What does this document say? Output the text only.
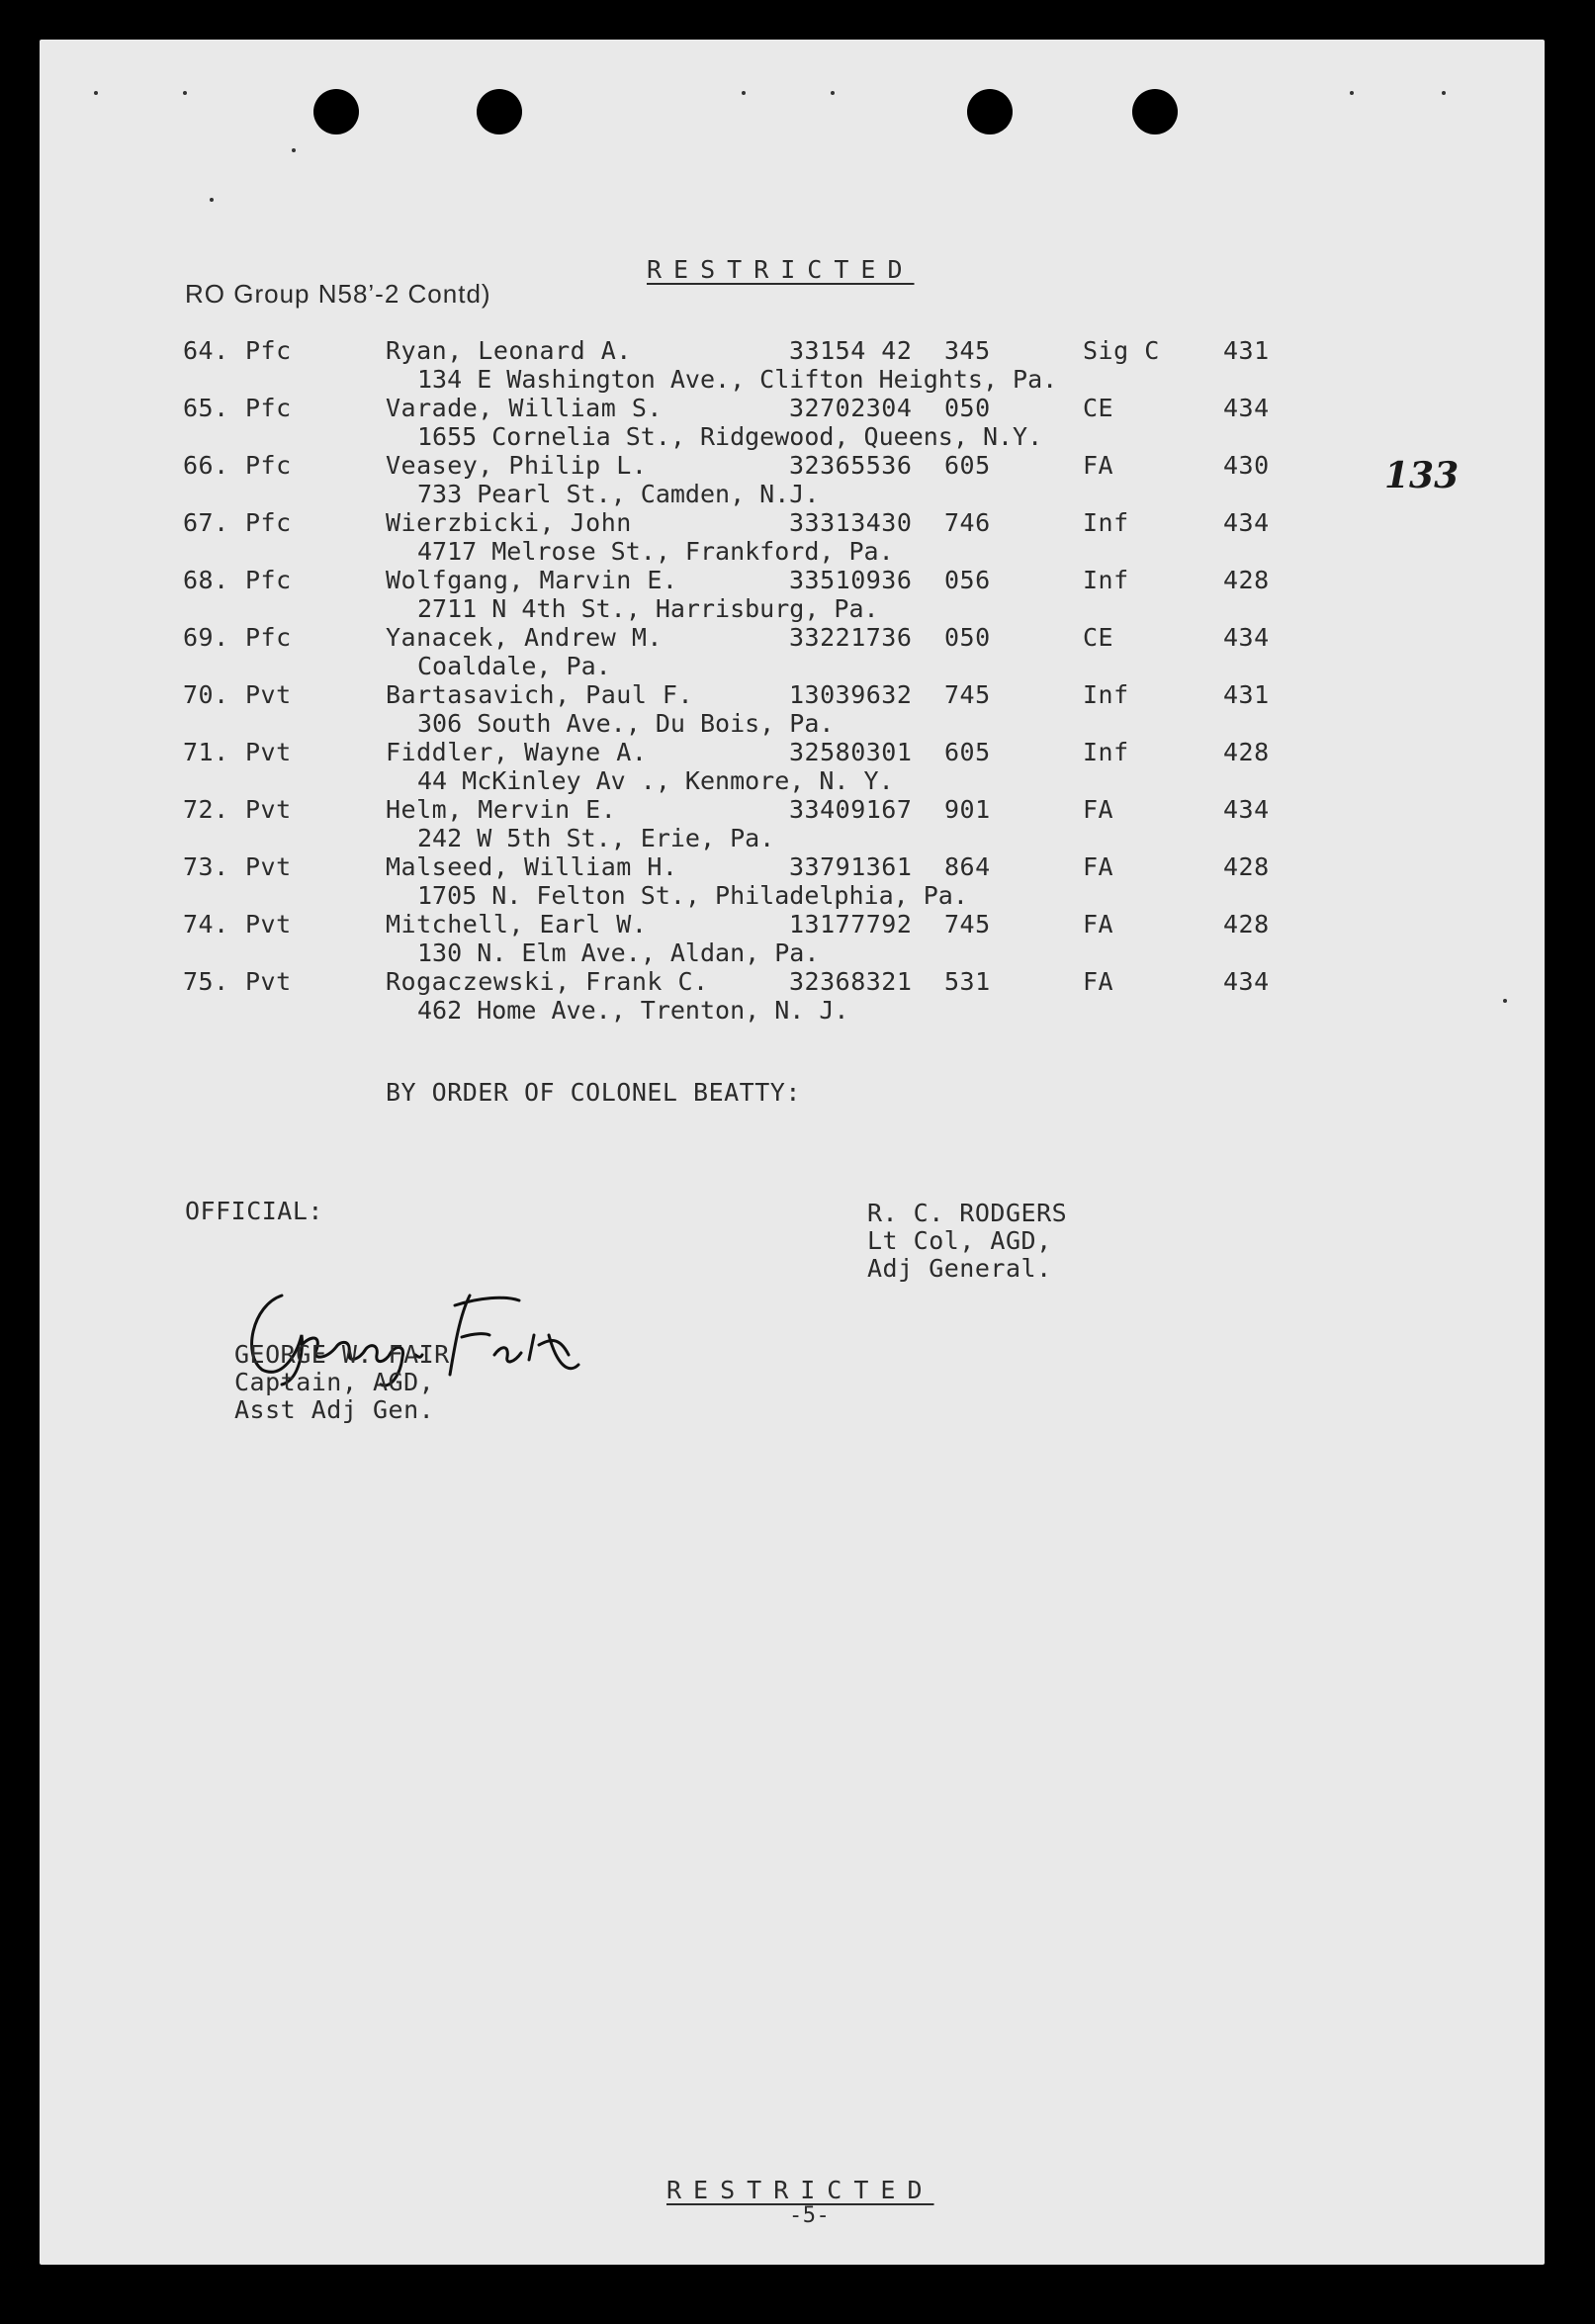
RESTRICTED
RO Group N58’-2 Contd)
133
64. Pfc	Ryan, Leonard A.	33154 42 345	Sig C	431
134 E Washington Ave., Clifton Heights, Pa.
65. Pfc	Varade, William S.	32702304 050	CE	434
1655 Cornelia St., Ridgewood, Queens, N.Y.
66. Pfc	Veasey, Philip L.	32365536 605	FA	430
733 Pearl St., Camden, N.J.
67. Pfc	Wierzbicki, John	33313430 746	Inf	434
4717 Melrose St., Frankford, Pa.
68. Pfc	Wolfgang, Marvin E.	33510936 056	Inf	428
2711 N 4th St., Harrisburg, Pa.
69. Pfc	Yanacek, Andrew M.	33221736 050	CE	434
Coaldale, Pa.
70. Pvt	Bartasavich, Paul F.	13039632 745	Inf	431
306 South Ave., Du Bois, Pa.
71. Pvt	Fiddler, Wayne A.	32580301 605	Inf	428
44 McKinley Av ., Kenmore, N. Y.
72. Pvt	Helm, Mervin E.	33409167 901	FA	434
242 W 5th St., Erie, Pa.
73. Pvt	Malseed, William H.	33791361 864	FA	428
1705 N. Felton St., Philadelphia, Pa.
74. Pvt	Mitchell, Earl W.	13177792 745	FA	428
130 N. Elm Ave., Aldan, Pa.
75. Pvt	Rogaczewski, Frank C.	32368321 531	FA	434
462 Home Ave., Trenton, N. J.
BY ORDER OF COLONEL BEATTY:
OFFICIAL:	R. C. RODGERS
Lt Col, AGD,
Adj General.
GEORGE W. FAIR
Captain, AGD,
Asst Adj Gen.
RESTRICTED
-5-
